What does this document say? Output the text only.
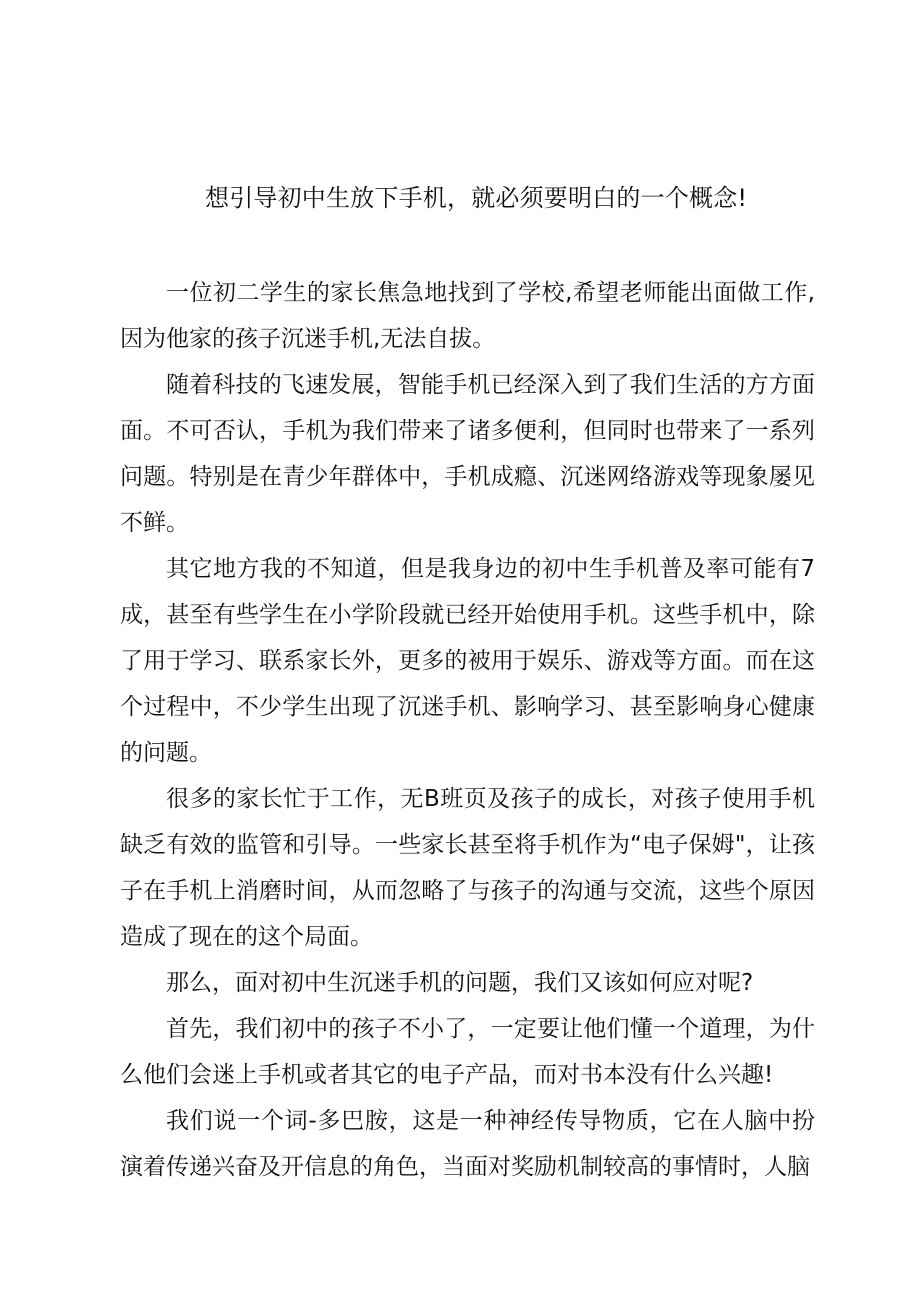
想引导初中生放下手机，就必须要明白的一个概念!

一位初二学生的家长焦急地找到了学校,希望老师能出面做工作,因为他家的孩子沉迷手机,无法自拔。

随着科技的飞速发展，智能手机已经深入到了我们生活的方方面面。不可否认，手机为我们带来了诸多便利，但同时也带来了一系列问题。特别是在青少年群体中，手机成瘾、沉迷网络游戏等现象屡见不鲜。

其它地方我的不知道，但是我身边的初中生手机普及率可能有7成，甚至有些学生在小学阶段就已经开始使用手机。这些手机中，除了用于学习、联系家长外，更多的被用于娱乐、游戏等方面。而在这个过程中，不少学生出现了沉迷手机、影响学习、甚至影响身心健康的问题。

很多的家长忙于工作，无B班页及孩子的成长，对孩子使用手机缺乏有效的监管和引导。一些家长甚至将手机作为“电子保姆"，让孩子在手机上消磨时间，从而忽略了与孩子的沟通与交流，这些个原因造成了现在的这个局面。

那么，面对初中生沉迷手机的问题，我们又该如何应对呢?

首先，我们初中的孩子不小了，一定要让他们懂一个道理，为什么他们会迷上手机或者其它的电子产品，而对书本没有什么兴趣!

我们说一个词-多巴胺，这是一种神经传导物质，它在人脑中扮演着传递兴奋及开信息的角色，当面对奖励机制较高的事情时，人脑
